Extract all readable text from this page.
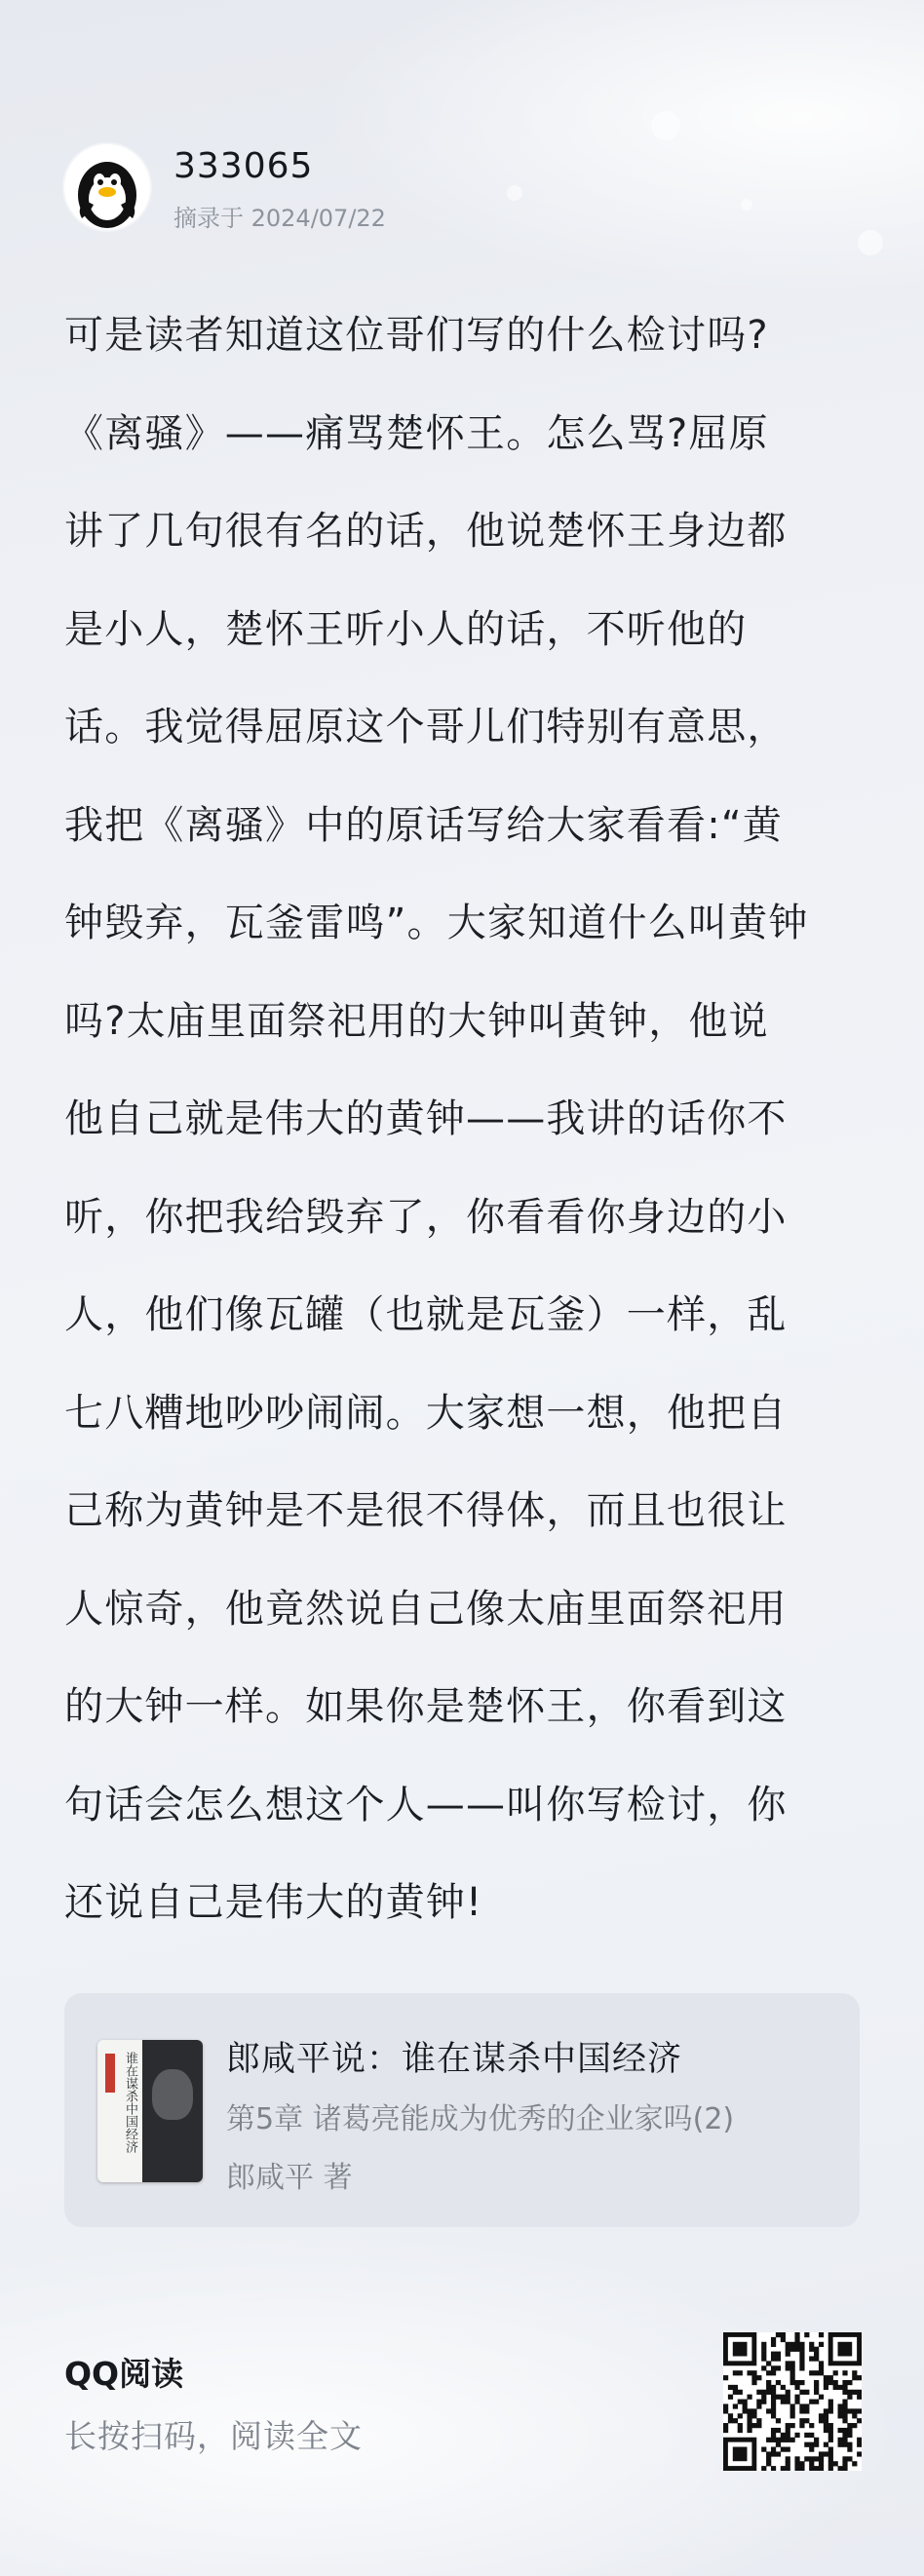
333065
摘录于 2024/07/22
可是读者知道这位哥们写的什么检讨吗?
《离骚》——痛骂楚怀王。怎么骂?屈原
讲了几句很有名的话，他说楚怀王身边都
是小人，楚怀王听小人的话，不听他的
话。我觉得屈原这个哥儿们特别有意思，
我把《离骚》中的原话写给大家看看:“黄
钟毁弃，瓦釜雷鸣”。大家知道什么叫黄钟
吗?太庙里面祭祀用的大钟叫黄钟，他说
他自己就是伟大的黄钟——我讲的话你不
听，你把我给毁弃了，你看看你身边的小
人，他们像瓦罐（也就是瓦釜）一样，乱
七八糟地吵吵闹闹。大家想一想，他把自
己称为黄钟是不是很不得体，而且也很让
人惊奇，他竟然说自己像太庙里面祭祀用
的大钟一样。如果你是楚怀王，你看到这
句话会怎么想这个人——叫你写检讨，你
还说自己是伟大的黄钟!
谁在谋杀中国经济	郎咸平说：谁在谋杀中国经济
第5章 诸葛亮能成为优秀的企业家吗(2)
郎咸平 著
QQ阅读
长按扫码，阅读全文
